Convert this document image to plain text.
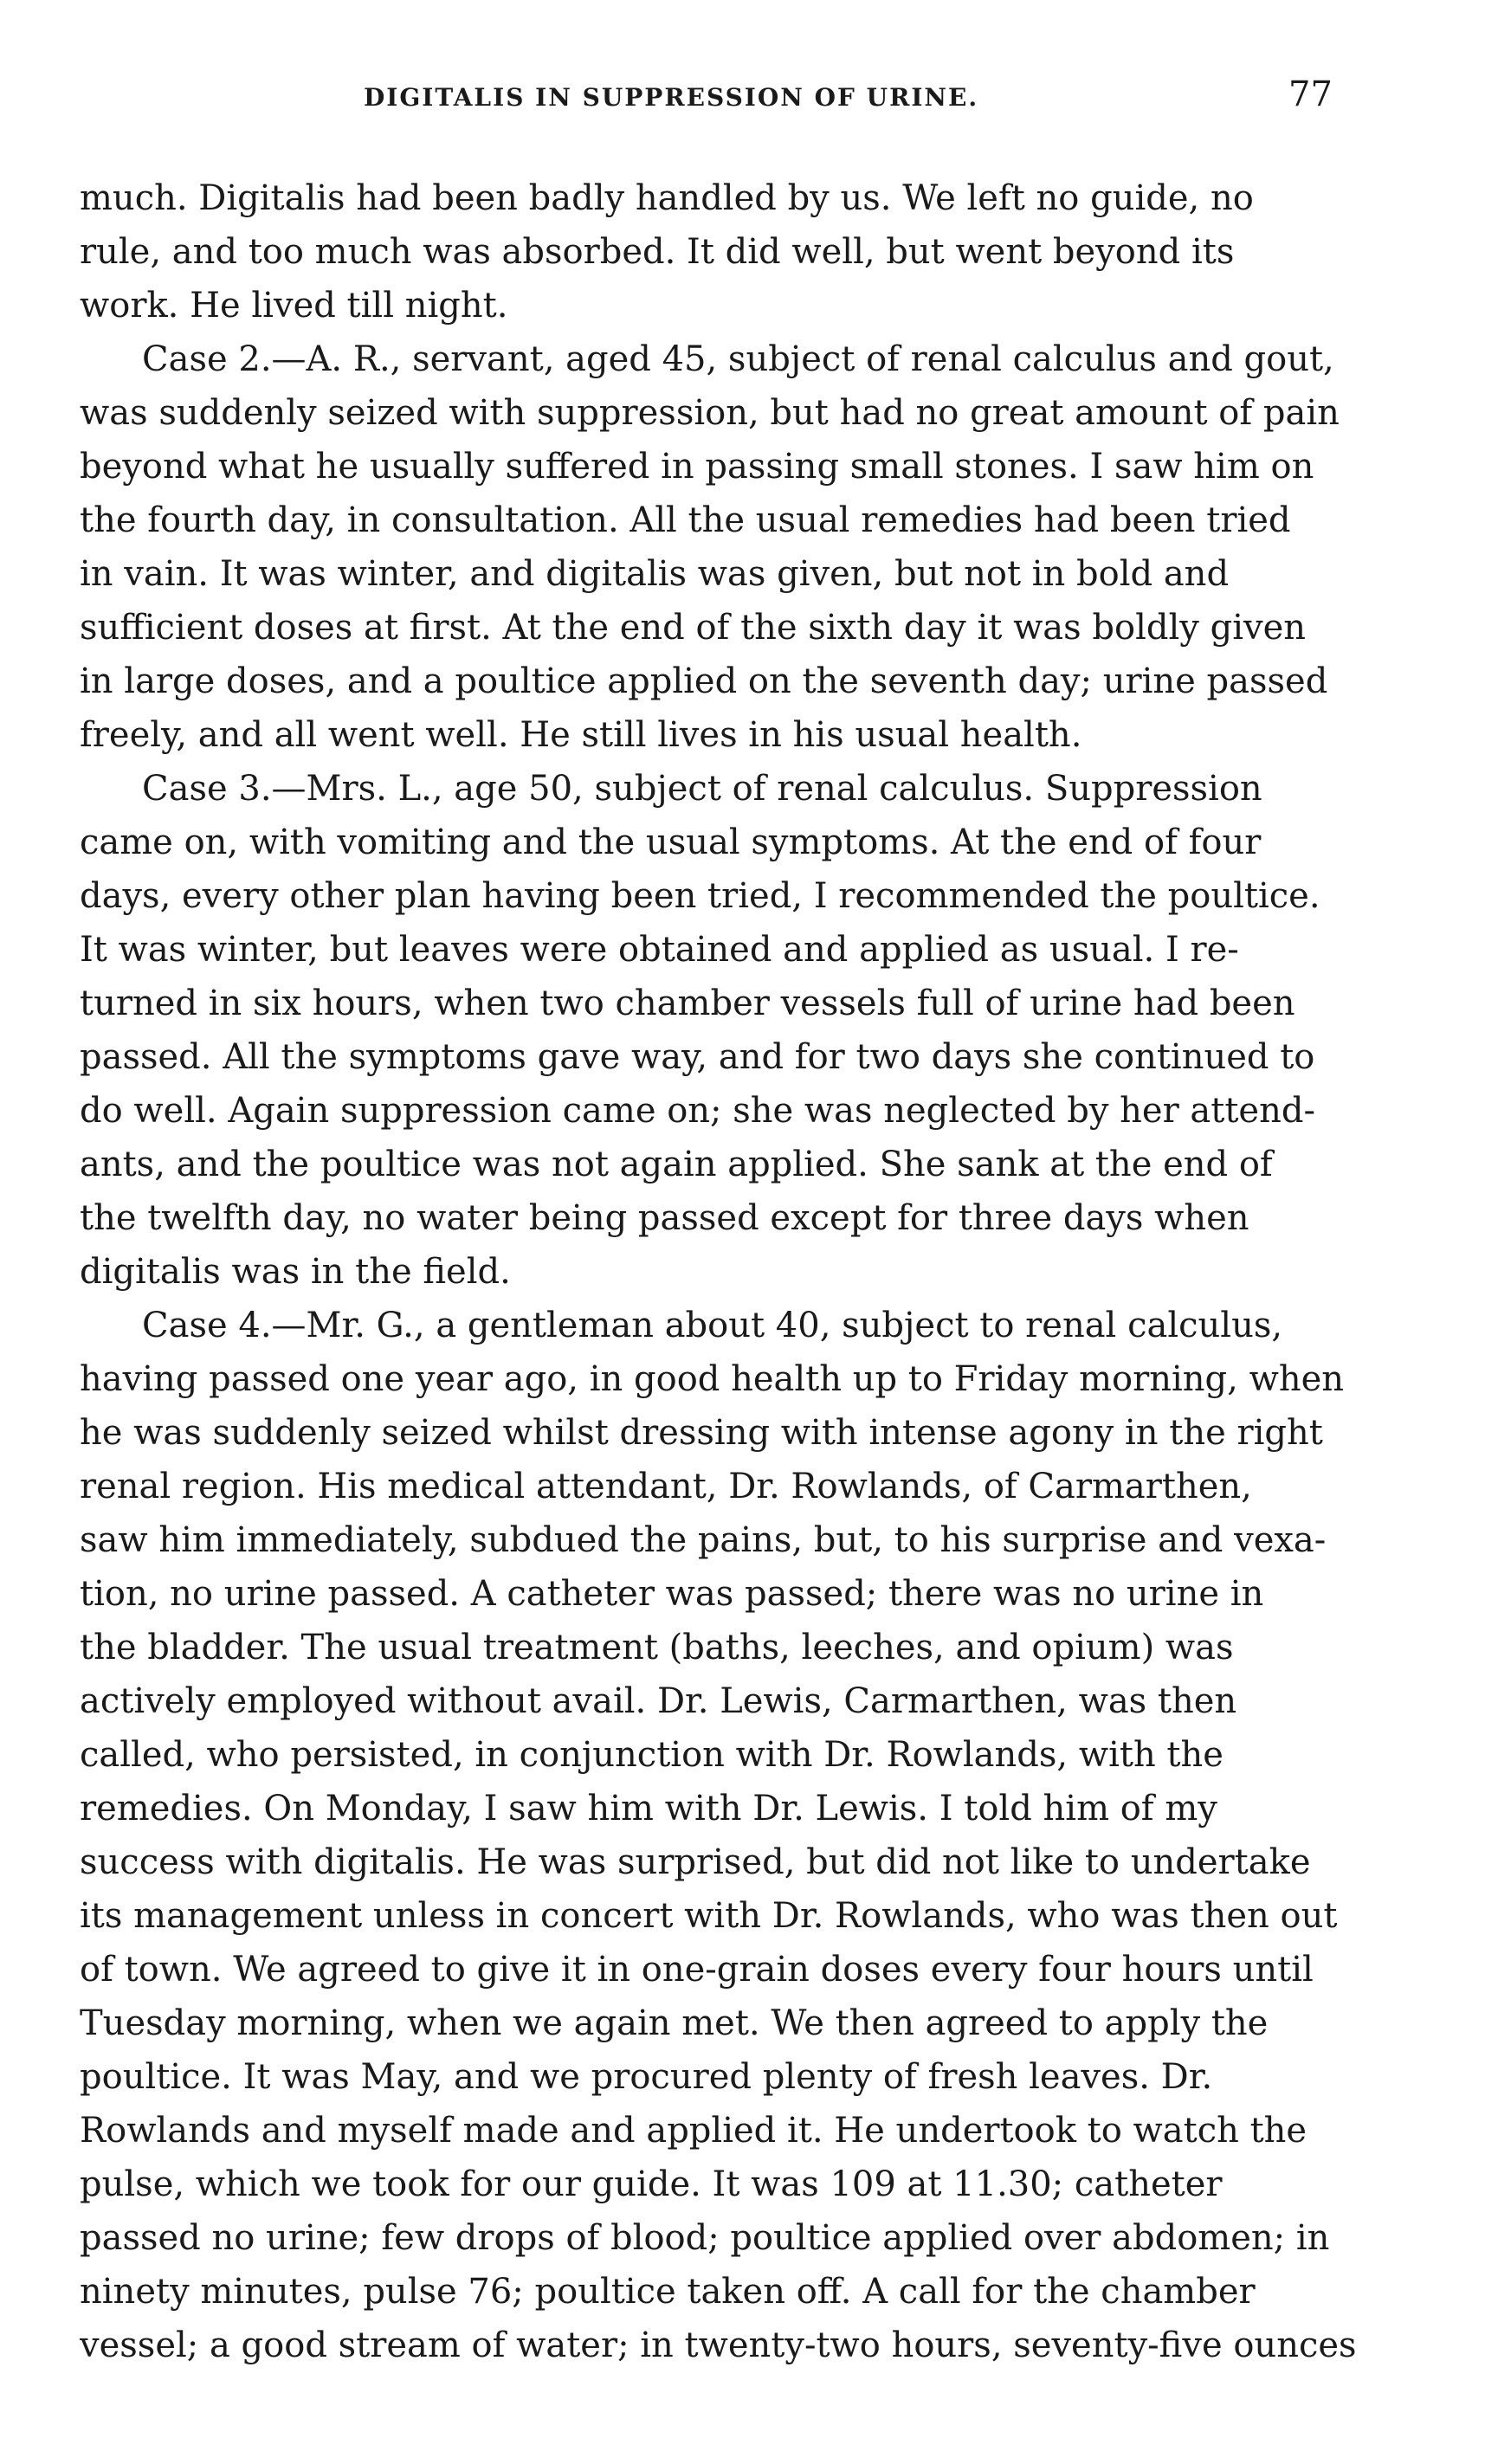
DIGITALIS IN SUPPRESSION OF URINE.	77
much. Digitalis had been badly handled by us. We left no guide, no
rule, and too much was absorbed. It did well, but went beyond its
work. He lived till night.
Case 2.—A. R., servant, aged 45, subject of renal calculus and gout,
was suddenly seized with suppression, but had no great amount of pain
beyond what he usually suffered in passing small stones. I saw him on
the fourth day, in consultation. All the usual remedies had been tried
in vain. It was winter, and digitalis was given, but not in bold and
sufficient doses at first. At the end of the sixth day it was boldly given
in large doses, and a poultice applied on the seventh day; urine passed
freely, and all went well. He still lives in his usual health.
Case 3.—Mrs. L., age 50, subject of renal calculus. Suppression
came on, with vomiting and the usual symptoms. At the end of four
days, every other plan having been tried, I recommended the poultice.
It was winter, but leaves were obtained and applied as usual. I re-
turned in six hours, when two chamber vessels full of urine had been
passed. All the symptoms gave way, and for two days she continued to
do well. Again suppression came on; she was neglected by her attend-
ants, and the poultice was not again applied. She sank at the end of
the twelfth day, no water being passed except for three days when
digitalis was in the field.
Case 4.—Mr. G., a gentleman about 40, subject to renal calculus,
having passed one year ago, in good health up to Friday morning, when
he was suddenly seized whilst dressing with intense agony in the right
renal region. His medical attendant, Dr. Rowlands, of Carmarthen,
saw him immediately, subdued the pains, but, to his surprise and vexa-
tion, no urine passed. A catheter was passed; there was no urine in
the bladder. The usual treatment (baths, leeches, and opium) was
actively employed without avail. Dr. Lewis, Carmarthen, was then
called, who persisted, in conjunction with Dr. Rowlands, with the
remedies. On Monday, I saw him with Dr. Lewis. I told him of my
success with digitalis. He was surprised, but did not like to undertake
its management unless in concert with Dr. Rowlands, who was then out
of town. We agreed to give it in one-grain doses every four hours until
Tuesday morning, when we again met. We then agreed to apply the
poultice. It was May, and we procured plenty of fresh leaves. Dr.
Rowlands and myself made and applied it. He undertook to watch the
pulse, which we took for our guide. It was 109 at 11.30; catheter
passed no urine; few drops of blood; poultice applied over abdomen; in
ninety minutes, pulse 76; poultice taken off. A call for the chamber
vessel; a good stream of water; in twenty-two hours, seventy-five ounces
